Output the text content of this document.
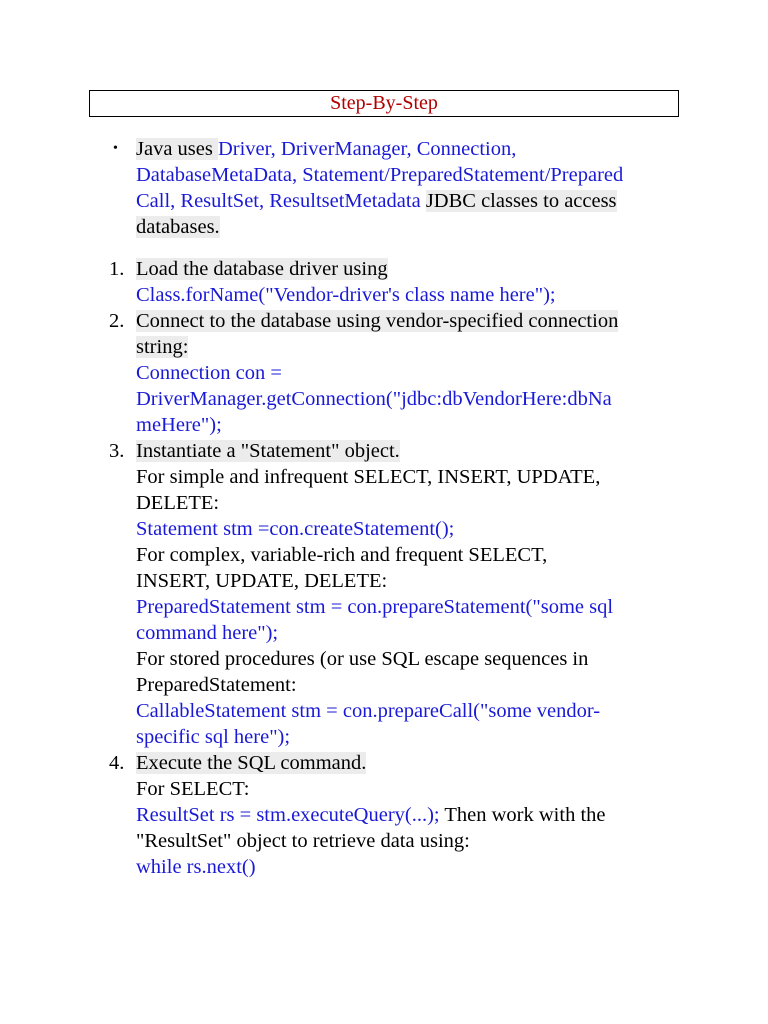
Step-By-Step
• Java uses Driver, DriverManager, Connection,
DatabaseMetaData, Statement/PreparedStatement/Prepared
Call, ResultSet, ResultsetMetadata JDBC classes to access
databases.
1. Load the database driver using
Class.forName("Vendor-driver's class name here");
2. Connect to the database using vendor-specified connection
string:
Connection con =
DriverManager.getConnection("jdbc:dbVendorHere:dbNa
meHere");
3. Instantiate a "Statement" object.
For simple and infrequent SELECT, INSERT, UPDATE,
DELETE:
Statement stm =con.createStatement();
For complex, variable-rich and frequent SELECT,
INSERT, UPDATE, DELETE:
PreparedStatement stm = con.prepareStatement("some sql
command here");
For stored procedures (or use SQL escape sequences in
PreparedStatement:
CallableStatement stm = con.prepareCall("some vendor-
specific sql here");
4. Execute the SQL command.
For SELECT:
ResultSet rs = stm.executeQuery(...); Then work with the
"ResultSet" object to retrieve data using:
while rs.next()
